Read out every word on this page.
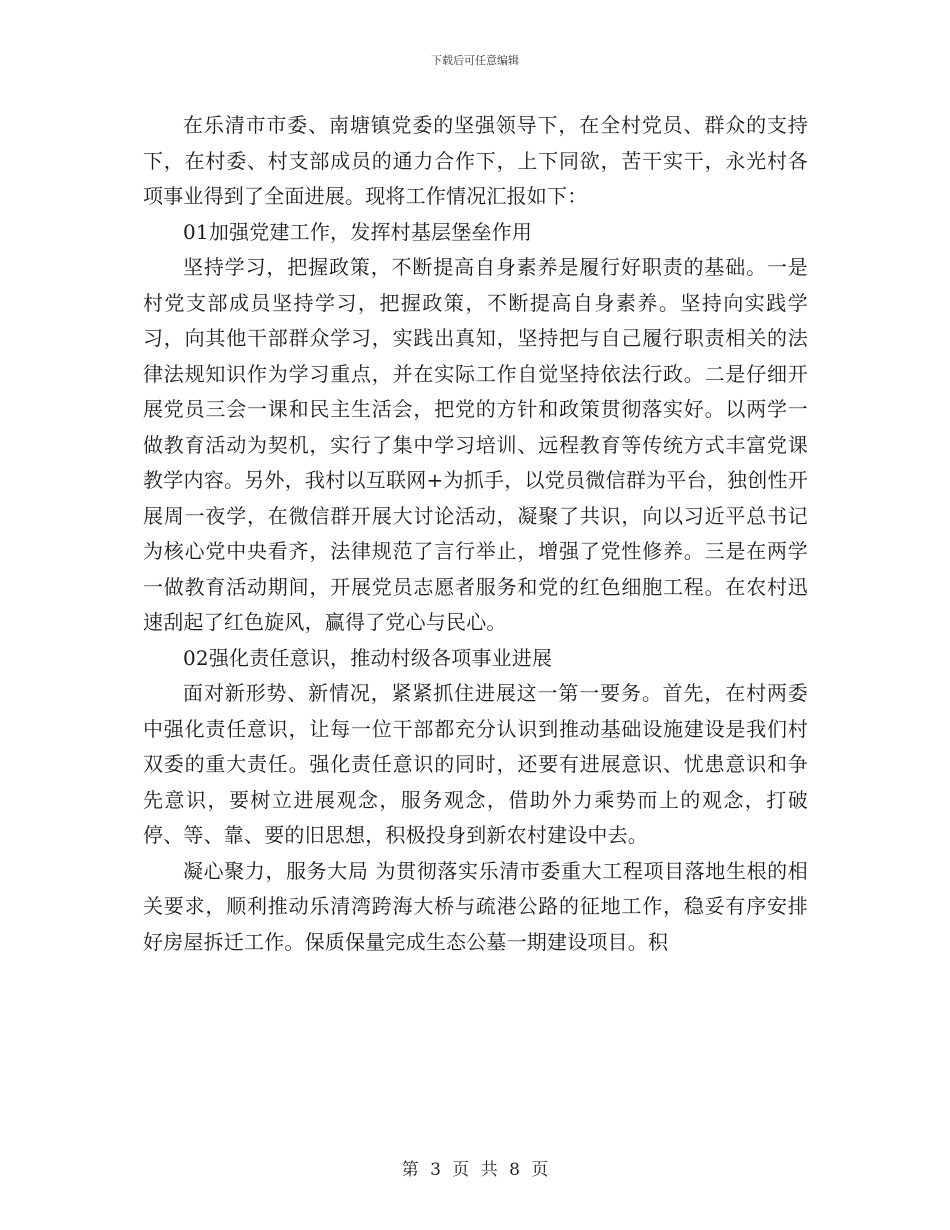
下载后可任意编辑

在乐清市市委、南塘镇党委的坚强领导下，在全村党员、群众的支持下，在村委、村支部成员的通力合作下，上下同欲，苦干实干，永光村各项事业得到了全面进展。现将工作情况汇报如下：

01加强党建工作，发挥村基层堡垒作用

坚持学习，把握政策，不断提高自身素养是履行好职责的基础。一是村党支部成员坚持学习，把握政策，不断提高自身素养。坚持向实践学习，向其他干部群众学习，实践出真知，坚持把与自己履行职责相关的法律法规知识作为学习重点，并在实际工作自觉坚持依法行政。二是仔细开展党员三会一课和民主生活会，把党的方针和政策贯彻落实好。以两学一做教育活动为契机，实行了集中学习培训、远程教育等传统方式丰富党课教学内容。另外，我村以互联网+为抓手，以党员微信群为平台，独创性开展周一夜学，在微信群开展大讨论活动，凝聚了共识，向以习近平总书记为核心党中央看齐，法律规范了言行举止，增强了党性修养。三是在两学一做教育活动期间，开展党员志愿者服务和党的红色细胞工程。在农村迅速刮起了红色旋风，赢得了党心与民心。

02强化责任意识，推动村级各项事业进展

面对新形势、新情况，紧紧抓住进展这一第一要务。首先，在村两委中强化责任意识，让每一位干部都充分认识到推动基础设施建设是我们村双委的重大责任。强化责任意识的同时，还要有进展意识、忧患意识和争先意识，要树立进展观念，服务观念，借助外力乘势而上的观念，打破停、等、靠、要的旧思想，积极投身到新农村建设中去。

凝心聚力，服务大局 为贯彻落实乐清市委重大工程项目落地生根的相关要求，顺利推动乐清湾跨海大桥与疏港公路的征地工作，稳妥有序安排好房屋拆迁工作。保质保量完成生态公墓一期建设项目。积

第 3 页 共 8 页
